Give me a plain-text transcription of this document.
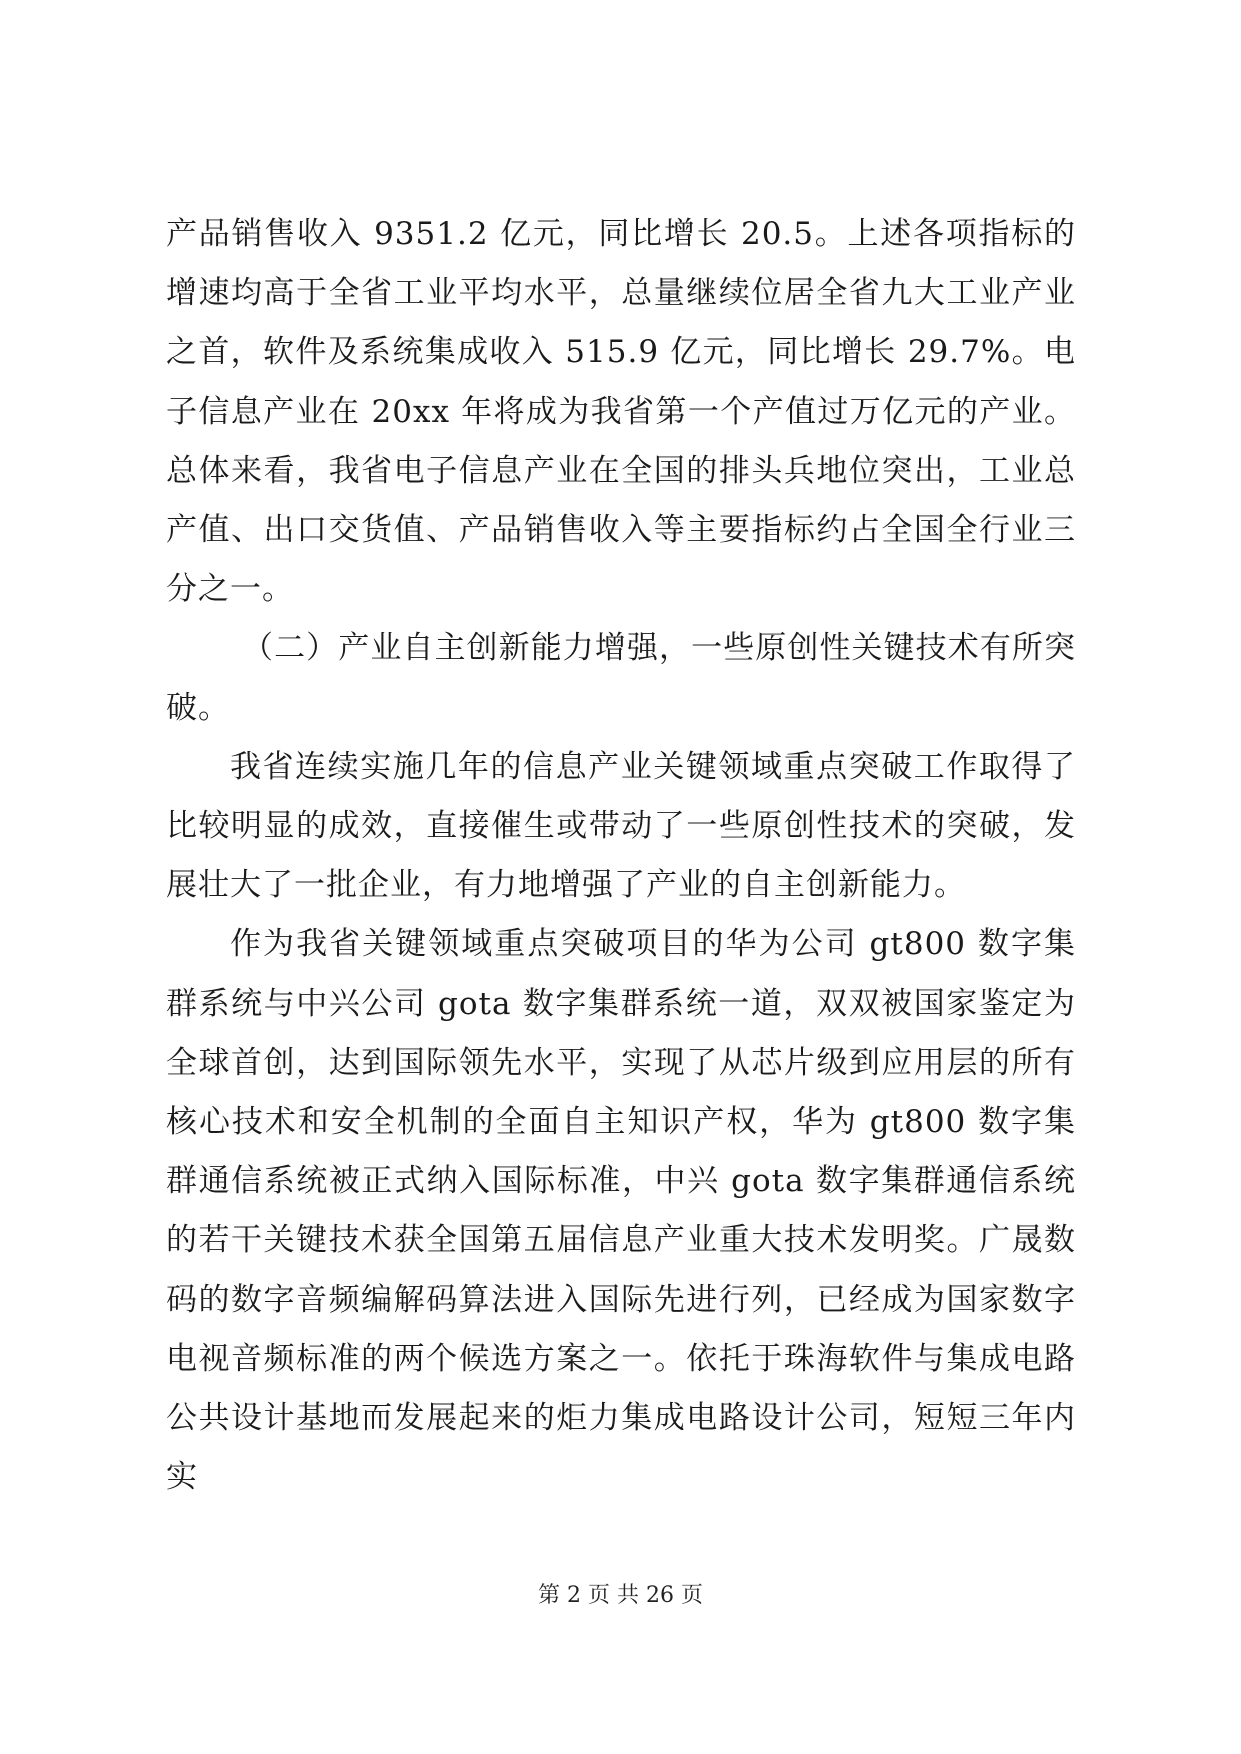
产品销售收入 9351.2 亿元，同比增长 20.5。上述各项指标的增速均高于全省工业平均水平，总量继续位居全省九大工业产业之首，软件及系统集成收入 515.9 亿元，同比增长 29.7%。电子信息产业在 20xx 年将成为我省第一个产值过万亿元的产业。总体来看，我省电子信息产业在全国的排头兵地位突出，工业总产值、出口交货值、产品销售收入等主要指标约占全国全行业三分之一。

（二）产业自主创新能力增强，一些原创性关键技术有所突破。

我省连续实施几年的信息产业关键领域重点突破工作取得了比较明显的成效，直接催生或带动了一些原创性技术的突破，发展壮大了一批企业，有力地增强了产业的自主创新能力。

作为我省关键领域重点突破项目的华为公司 gt800 数字集群系统与中兴公司 gota 数字集群系统一道，双双被国家鉴定为全球首创，达到国际领先水平，实现了从芯片级到应用层的所有核心技术和安全机制的全面自主知识产权，华为 gt800 数字集群通信系统被正式纳入国际标准，中兴 gota 数字集群通信系统的若干关键技术获全国第五届信息产业重大技术发明奖。广晟数码的数字音频编解码算法进入国际先进行列，已经成为国家数字电视音频标准的两个候选方案之一。依托于珠海软件与集成电路公共设计基地而发展起来的炬力集成电路设计公司，短短三年内实

第 2 页 共 26 页
